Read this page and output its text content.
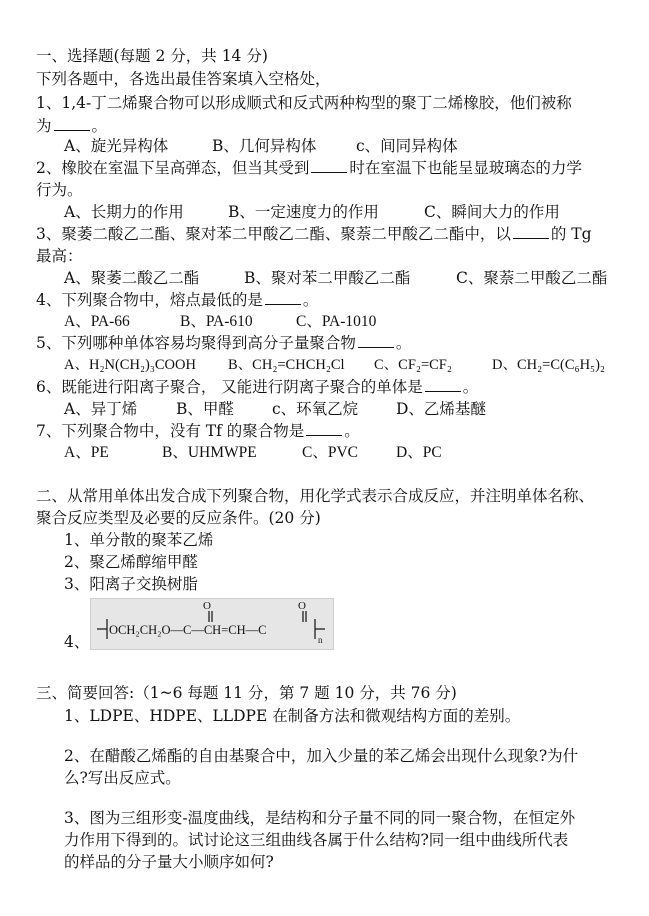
一、选择题(每题 2 分，共 14 分)
下列各题中，各选出最佳答案填入空格处，
1、1,4-丁二烯聚合物可以形成顺式和反式两种构型的聚丁二烯橡胶，他们被称
为	。
A、旋光异构体	B、几何异构体	c、间同异构体
2、橡胶在室温下呈高弹态，但当其受到	时在室温下也能呈显玻璃态的力学
行为。
A、长期力的作用	B、一定速度力的作用	C、瞬间大力的作用
3、聚萎二酸乙二酯、聚对苯二甲酸乙二酯、聚萘二甲酸乙二酯中，以	的 Tg
最高：
A、聚萎二酸乙二酯	B、聚对苯二甲酸乙二酯	C、聚萘二甲酸乙二酯
4、下列聚合物中，熔点最低的是	。
A、PA-66	B、PA-610	C、PA-1010
5、下列哪种单体容易均聚得到高分子量聚合物	。
A、H₂N(CH₂)₃COOH B、CH₂=CHCH₂Cl C、CF₂=CF₂	D、CH₂=C(C₆H₅)₂
6、既能进行阳离子聚合， 又能进行阴离子聚合的单体是	。
A、异丁烯	B、甲醛 c、环氧乙烷 D、乙烯基醚
7、下列聚合物中，没有 Tf 的聚合物是	。
A、PE	B、UHMWPE	C、PVC D、PC
二、从常用单体出发合成下列聚合物，用化学式表示合成反应，并注明单体名称、
聚合反应类型及必要的反应条件。(20 分)
1、单分散的聚苯乙烯
2、聚乙烯醇缩甲醛
3、阳离子交换树脂
4、
O	O
OCH₂CH₂O—C—CH=CH—C
n
三、简要回答:（1~6 每题 11 分，第 7 题 10 分，共 76 分)
1、LDPE、HDPE、LLDPE 在制备方法和微观结构方面的差别。
2、在醋酸乙烯酯的自由基聚合中，加入少量的苯乙烯会出现什么现象?为什
么?写出反应式。
3、图为三组形变-温度曲线，是结构和分子量不同的同一聚合物，在恒定外
力作用下得到的。试讨论这三组曲线各属于什么结构?同一组中曲线所代表
的样品的分子量大小顺序如何?
